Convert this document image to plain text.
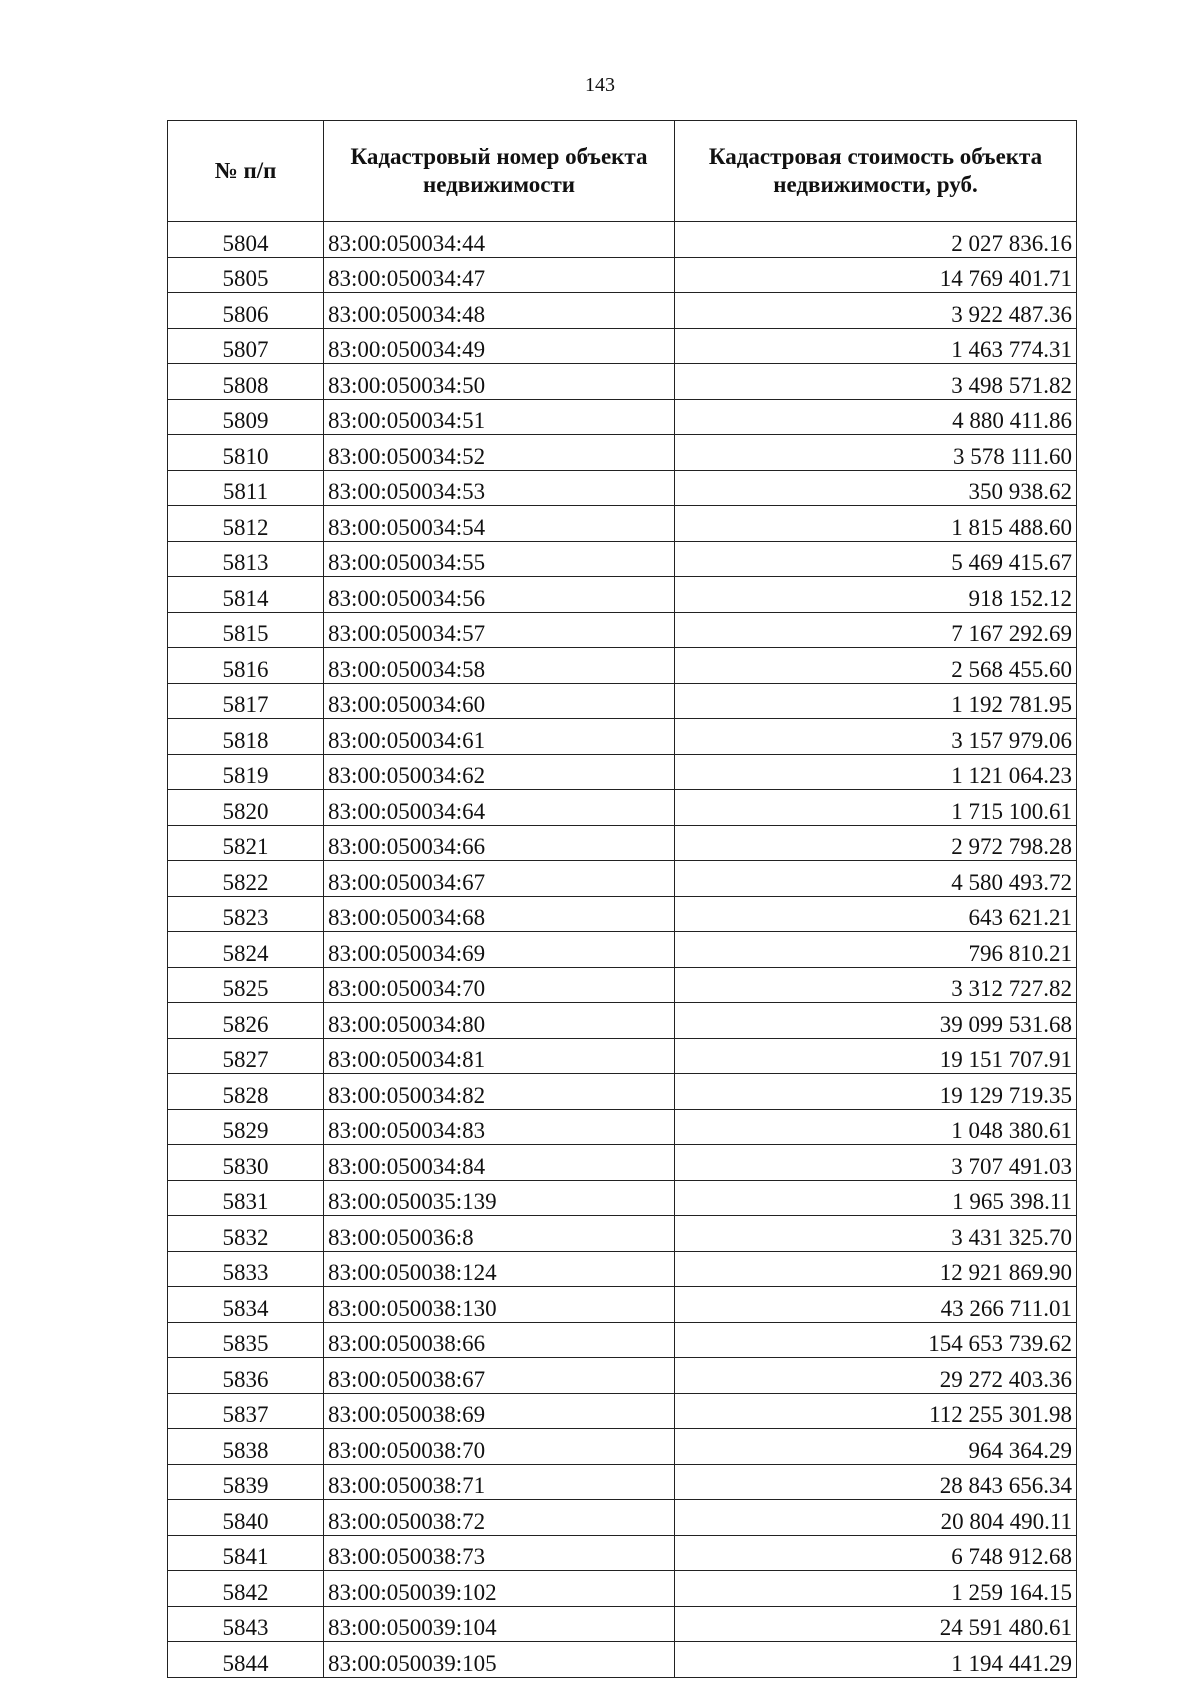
143
№ п/п	Кадастровый номер объекта недвижимости	Кадастровая стоимость объекта недвижимости, руб.
5804	83:00:050034:44	2 027 836.16
5805	83:00:050034:47	14 769 401.71
5806	83:00:050034:48	3 922 487.36
5807	83:00:050034:49	1 463 774.31
5808	83:00:050034:50	3 498 571.82
5809	83:00:050034:51	4 880 411.86
5810	83:00:050034:52	3 578 111.60
5811	83:00:050034:53	350 938.62
5812	83:00:050034:54	1 815 488.60
5813	83:00:050034:55	5 469 415.67
5814	83:00:050034:56	918 152.12
5815	83:00:050034:57	7 167 292.69
5816	83:00:050034:58	2 568 455.60
5817	83:00:050034:60	1 192 781.95
5818	83:00:050034:61	3 157 979.06
5819	83:00:050034:62	1 121 064.23
5820	83:00:050034:64	1 715 100.61
5821	83:00:050034:66	2 972 798.28
5822	83:00:050034:67	4 580 493.72
5823	83:00:050034:68	643 621.21
5824	83:00:050034:69	796 810.21
5825	83:00:050034:70	3 312 727.82
5826	83:00:050034:80	39 099 531.68
5827	83:00:050034:81	19 151 707.91
5828	83:00:050034:82	19 129 719.35
5829	83:00:050034:83	1 048 380.61
5830	83:00:050034:84	3 707 491.03
5831	83:00:050035:139	1 965 398.11
5832	83:00:050036:8	3 431 325.70
5833	83:00:050038:124	12 921 869.90
5834	83:00:050038:130	43 266 711.01
5835	83:00:050038:66	154 653 739.62
5836	83:00:050038:67	29 272 403.36
5837	83:00:050038:69	112 255 301.98
5838	83:00:050038:70	964 364.29
5839	83:00:050038:71	28 843 656.34
5840	83:00:050038:72	20 804 490.11
5841	83:00:050038:73	6 748 912.68
5842	83:00:050039:102	1 259 164.15
5843	83:00:050039:104	24 591 480.61
5844	83:00:050039:105	1 194 441.29
